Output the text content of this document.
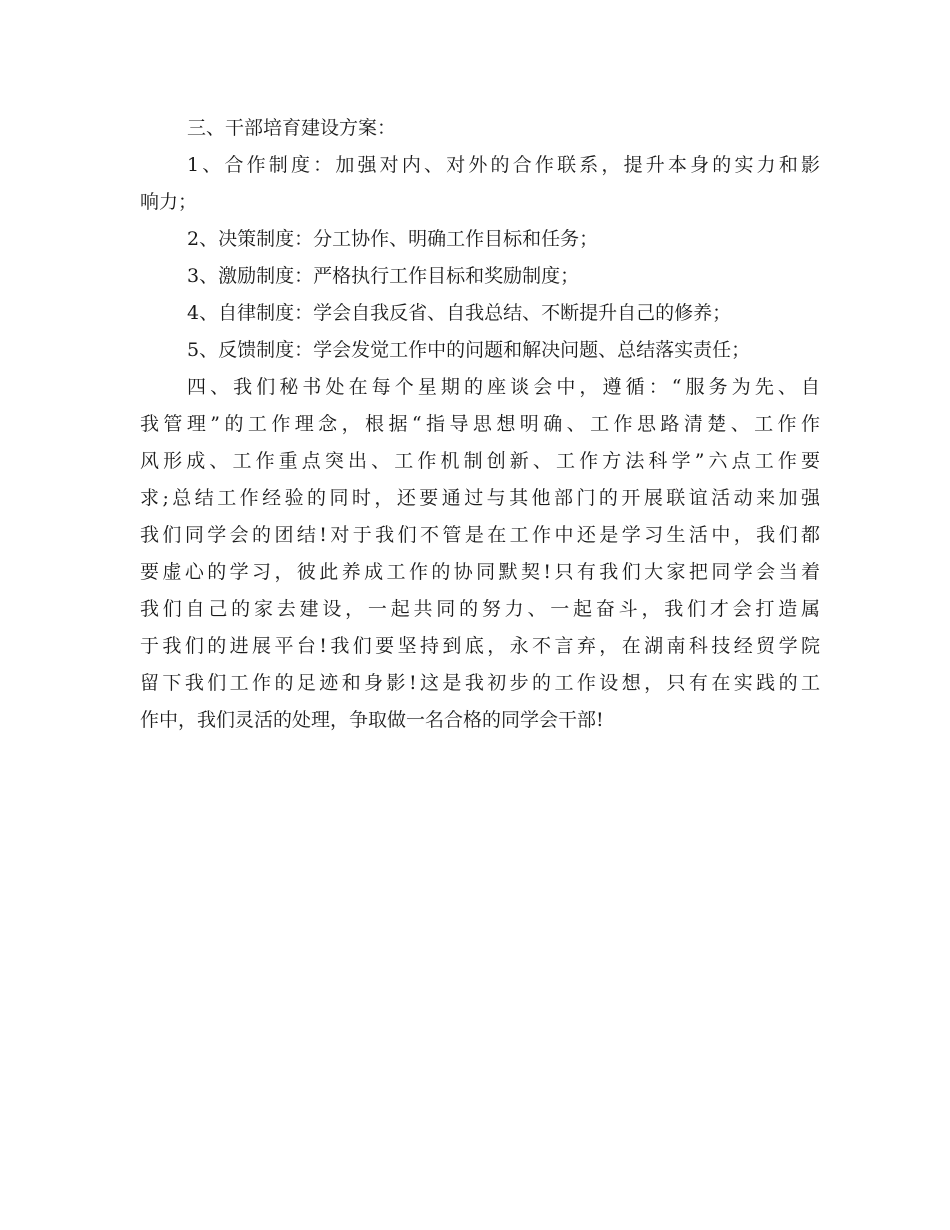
三、干部培育建设方案：
1、合作制度：加强对内、对外的合作联系，提升本身的实力和影
响力；
2、决策制度：分工协作、明确工作目标和任务；
3、激励制度：严格执行工作目标和奖励制度；
4、自律制度：学会自我反省、自我总结、不断提升自己的修养；
5、反馈制度：学会发觉工作中的问题和解决问题、总结落实责任；
四、我们秘书处在每个星期的座谈会中，遵循：“服务为先、自
我管理”的工作理念，根据“指导思想明确、工作思路清楚、工作作
风形成、工作重点突出、工作机制创新、工作方法科学”六点工作要
求;总结工作经验的同时，还要通过与其他部门的开展联谊活动来加强
我们同学会的团结!对于我们不管是在工作中还是学习生活中，我们都
要虚心的学习，彼此养成工作的协同默契!只有我们大家把同学会当着
我们自己的家去建设，一起共同的努力、一起奋斗，我们才会打造属
于我们的进展平台!我们要坚持到底，永不言弃，在湖南科技经贸学院
留下我们工作的足迹和身影!这是我初步的工作设想，只有在实践的工
作中，我们灵活的处理，争取做一名合格的同学会干部!
